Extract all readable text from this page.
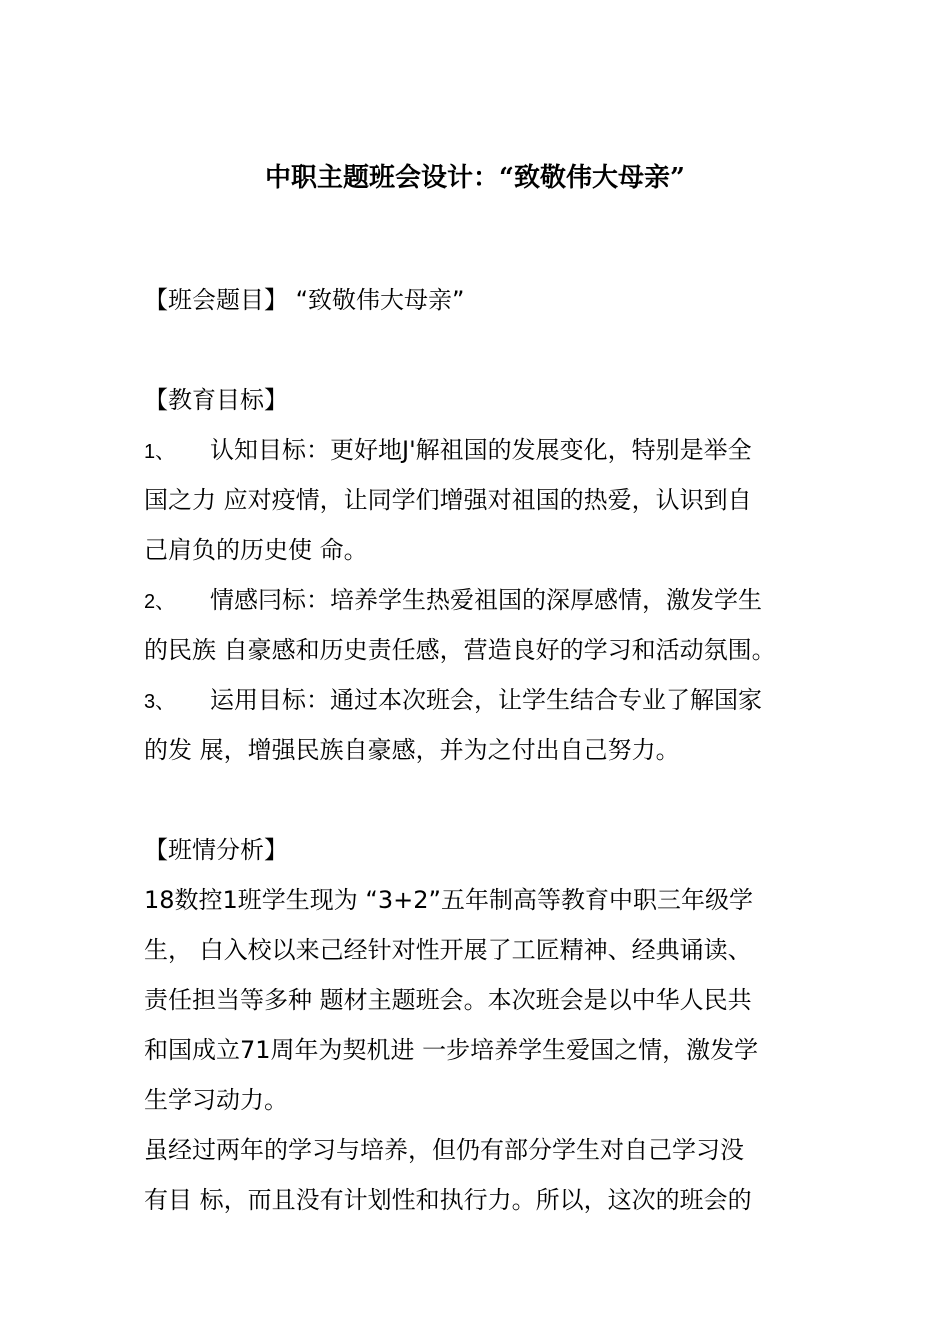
中职主题班会设计：“致敬伟大母亲”
【班会题目】 “致敬伟大母亲”
【教育目标】
1、 认知目标：更好地J'解祖国的发展变化，特别是举全
国之力 应对疫情，让同学们增强对祖国的热爱，认识到自
己肩负的历史使 命。
2、 情感冃标：培养学生热爱祖国的深厚感情，激发学生
的民族 自豪感和历史责任感，营造良好的学习和活动氛围。
3、 运用目标：通过本次班会，让学生结合专业了解国家
的发 展，增强民族自豪感，并为之付出自己努力。
【班情分析】
18数控1班学生现为 “3+2”五年制高等教育中职三年级学
生， 白入校以来己经针对性开展了工匠精神、经典诵读、
责任担当等多种 题材主题班会。本次班会是以中华人民共
和国成立71周年为契机进 一步培养学生爱国之情，激发学
生学习动力。
虽经过两年的学习与培养，但仍有部分学生对自己学习没
有目 标，而且没有计划性和执行力。所以，这次的班会的
